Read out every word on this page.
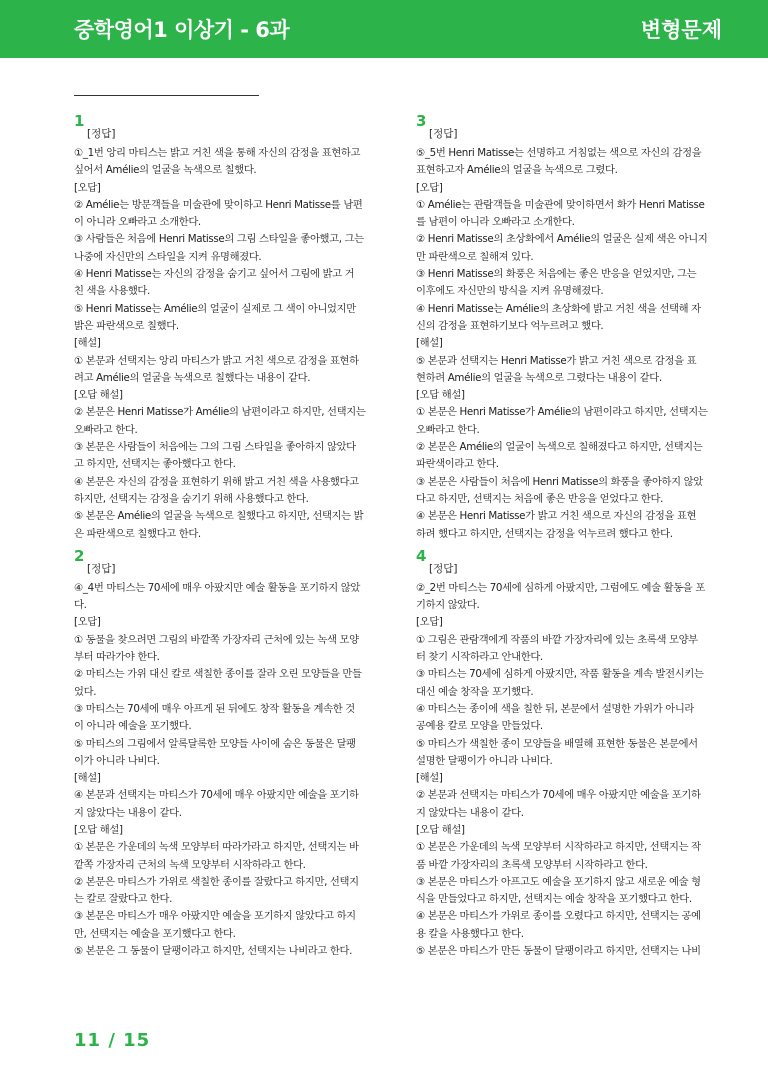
중학영어1 이상기 - 6과	변형문제
1
[정답]
①_1번 앙리 마티스는 밝고 거친 색을 통해 자신의 감정을 표현하고
싶어서 Amélie의 얼굴을 녹색으로 칠했다.
[오답]
② Amélie는 방문객들을 미술관에 맞이하고 Henri Matisse를 남편
이 아니라 오빠라고 소개한다.
③ 사람들은 처음에 Henri Matisse의 그림 스타일을 좋아했고, 그는
나중에 자신만의 스타일을 지켜 유명해졌다.
④ Henri Matisse는 자신의 감정을 숨기고 싶어서 그림에 밝고 거
친 색을 사용했다.
⑤ Henri Matisse는 Amélie의 얼굴이 실제로 그 색이 아니었지만
밝은 파란색으로 칠했다.
[해설]
① 본문과 선택지는 앙리 마티스가 밝고 거친 색으로 감정을 표현하
려고 Amélie의 얼굴을 녹색으로 칠했다는 내용이 같다.
[오답 해설]
② 본문은 Henri Matisse가 Amélie의 남편이라고 하지만, 선택지는
오빠라고 한다.
③ 본문은 사람들이 처음에는 그의 그림 스타일을 좋아하지 않았다
고 하지만, 선택지는 좋아했다고 한다.
④ 본문은 자신의 감정을 표현하기 위해 밝고 거친 색을 사용했다고
하지만, 선택지는 감정을 숨기기 위해 사용했다고 한다.
⑤ 본문은 Amélie의 얼굴을 녹색으로 칠했다고 하지만, 선택지는 밝
은 파란색으로 칠했다고 한다.
2
[정답]
④_4번 마티스는 70세에 매우 아팠지만 예술 활동을 포기하지 않았
다.
[오답]
① 동물을 찾으려면 그림의 바깥쪽 가장자리 근처에 있는 녹색 모양
부터 따라가야 한다.
② 마티스는 가위 대신 칼로 색칠한 종이를 잘라 오린 모양들을 만들
었다.
③ 마티스는 70세에 매우 아프게 된 뒤에도 창작 활동을 계속한 것
이 아니라 예술을 포기했다.
⑤ 마티스의 그림에서 알록달록한 모양들 사이에 숨은 동물은 달팽
이가 아니라 나비다.
[해설]
④ 본문과 선택지는 마티스가 70세에 매우 아팠지만 예술을 포기하
지 않았다는 내용이 같다.
[오답 해설]
① 본문은 가운데의 녹색 모양부터 따라가라고 하지만, 선택지는 바
깥쪽 가장자리 근처의 녹색 모양부터 시작하라고 한다.
② 본문은 마티스가 가위로 색칠한 종이를 잘랐다고 하지만, 선택지
는 칼로 잘랐다고 한다.
③ 본문은 마티스가 매우 아팠지만 예술을 포기하지 않았다고 하지
만, 선택지는 예술을 포기했다고 한다.
⑤ 본문은 그 동물이 달팽이라고 하지만, 선택지는 나비라고 한다.
3
[정답]
⑤_5번 Henri Matisse는 선명하고 거침없는 색으로 자신의 감정을
표현하고자 Amélie의 얼굴을 녹색으로 그렸다.
[오답]
① Amélie는 관람객들을 미술관에 맞이하면서 화가 Henri Matisse
를 남편이 아니라 오빠라고 소개한다.
② Henri Matisse의 초상화에서 Amélie의 얼굴은 실제 색은 아니지
만 파란색으로 칠해져 있다.
③ Henri Matisse의 화풍은 처음에는 좋은 반응을 얻었지만, 그는
이후에도 자신만의 방식을 지켜 유명해졌다.
④ Henri Matisse는 Amélie의 초상화에 밝고 거친 색을 선택해 자
신의 감정을 표현하기보다 억누르려고 했다.
[해설]
⑤ 본문과 선택지는 Henri Matisse가 밝고 거친 색으로 감정을 표
현하려 Amélie의 얼굴을 녹색으로 그렸다는 내용이 같다.
[오답 해설]
① 본문은 Henri Matisse가 Amélie의 남편이라고 하지만, 선택지는
오빠라고 한다.
② 본문은 Amélie의 얼굴이 녹색으로 칠해졌다고 하지만, 선택지는
파란색이라고 한다.
③ 본문은 사람들이 처음에 Henri Matisse의 화풍을 좋아하지 않았
다고 하지만, 선택지는 처음에 좋은 반응을 얻었다고 한다.
④ 본문은 Henri Matisse가 밝고 거친 색으로 자신의 감정을 표현
하려 했다고 하지만, 선택지는 감정을 억누르려 했다고 한다.
4
[정답]
②_2번 마티스는 70세에 심하게 아팠지만, 그럼에도 예술 활동을 포
기하지 않았다.
[오답]
① 그림은 관람객에게 작품의 바깥 가장자리에 있는 초록색 모양부
터 찾기 시작하라고 안내한다.
③ 마티스는 70세에 심하게 아팠지만, 작품 활동을 계속 발전시키는
대신 예술 창작을 포기했다.
④ 마티스는 종이에 색을 칠한 뒤, 본문에서 설명한 가위가 아니라
공예용 칼로 모양을 만들었다.
⑤ 마티스가 색칠한 종이 모양들을 배열해 표현한 동물은 본문에서
설명한 달팽이가 아니라 나비다.
[해설]
② 본문과 선택지는 마티스가 70세에 매우 아팠지만 예술을 포기하
지 않았다는 내용이 같다.
[오답 해설]
① 본문은 가운데의 녹색 모양부터 시작하라고 하지만, 선택지는 작
품 바깥 가장자리의 초록색 모양부터 시작하라고 한다.
③ 본문은 마티스가 아프고도 예술을 포기하지 않고 새로운 예술 형
식을 만들었다고 하지만, 선택지는 예술 창작을 포기했다고 한다.
④ 본문은 마티스가 가위로 종이를 오렸다고 하지만, 선택지는 공예
용 칼을 사용했다고 한다.
⑤ 본문은 마티스가 만든 동물이 달팽이라고 하지만, 선택지는 나비
11 / 15
